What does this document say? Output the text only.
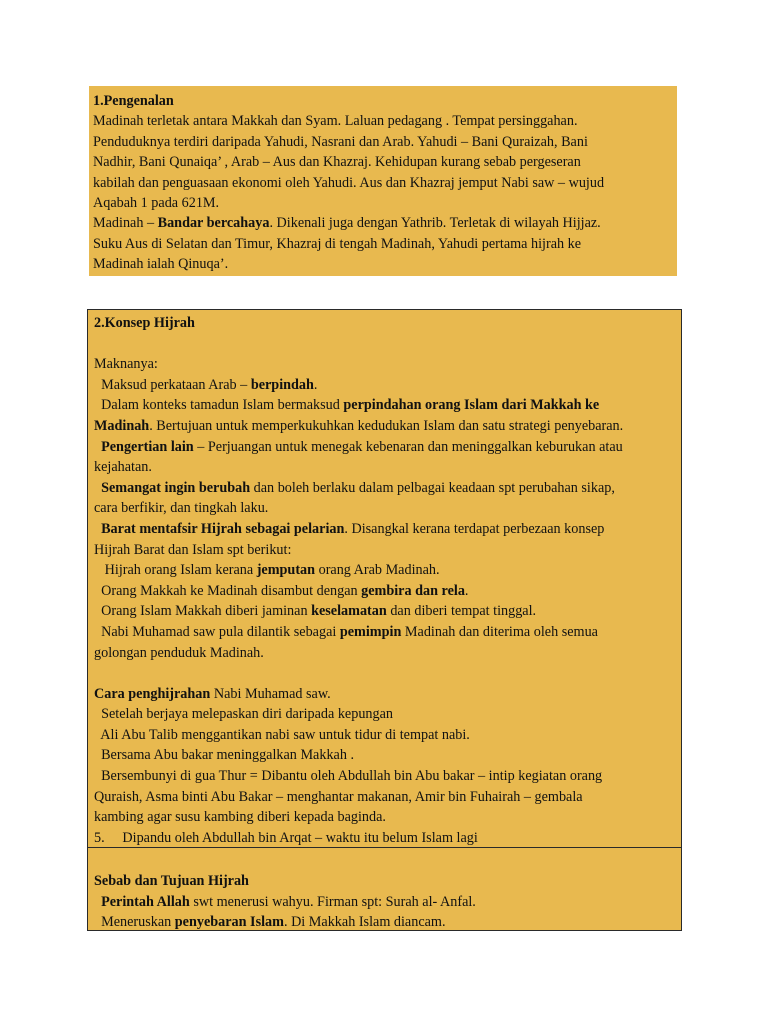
1.Pengenalan
Madinah terletak antara Makkah dan Syam. Laluan pedagang . Tempat persinggahan.
Penduduknya terdiri daripada Yahudi, Nasrani dan Arab. Yahudi – Bani Quraizah, Bani
Nadhir, Bani Qunaiqa’ , Arab – Aus dan Khazraj. Kehidupan kurang sebab pergeseran
kabilah dan penguasaan ekonomi oleh Yahudi. Aus dan Khazraj jemput Nabi saw – wujud
Aqabah 1 pada 621M.
Madinah – Bandar bercahaya. Dikenali juga dengan Yathrib. Terletak di wilayah Hijjaz.
Suku Aus di Selatan dan Timur, Khazraj di tengah Madinah, Yahudi pertama hijrah ke
Madinah ialah Qinuqa’.
2.Konsep Hijrah
Maknanya:
Maksud perkataan Arab – berpindah.
Dalam konteks tamadun Islam bermaksud perpindahan orang Islam dari Makkah ke
Madinah. Bertujuan untuk memperkukuhkan kedudukan Islam dan satu strategi penyebaran.
Pengertian lain – Perjuangan untuk menegak kebenaran dan meninggalkan keburukan atau
kejahatan.
Semangat ingin berubah dan boleh berlaku dalam pelbagai keadaan spt perubahan sikap,
cara berfikir, dan tingkah laku.
Barat mentafsir Hijrah sebagai pelarian. Disangkal kerana terdapat perbezaan konsep
Hijrah Barat dan Islam spt berikut:
Hijrah orang Islam kerana jemputan orang Arab Madinah.
Orang Makkah ke Madinah disambut dengan gembira dan rela.
Orang Islam Makkah diberi jaminan keselamatan dan diberi tempat tinggal.
Nabi Muhamad saw pula dilantik sebagai pemimpin Madinah dan diterima oleh semua
golongan penduduk Madinah.
Cara penghijrahan Nabi Muhamad saw.
Setelah berjaya melepaskan diri daripada kepungan
Ali Abu Talib menggantikan nabi saw untuk tidur di tempat nabi.
Bersama Abu bakar meninggalkan Makkah .
Bersembunyi di gua Thur = Dibantu oleh Abdullah bin Abu bakar – intip kegiatan orang
Quraish, Asma binti Abu Bakar – menghantar makanan, Amir bin Fuhairah – gembala
kambing agar susu kambing diberi kepada baginda.
5.     Dipandu oleh Abdullah bin Arqat – waktu itu belum Islam lagi
Sebab dan Tujuan Hijrah
Perintah Allah swt menerusi wahyu. Firman spt: Surah al- Anfal.
Meneruskan penyebaran Islam. Di Makkah Islam diancam.
